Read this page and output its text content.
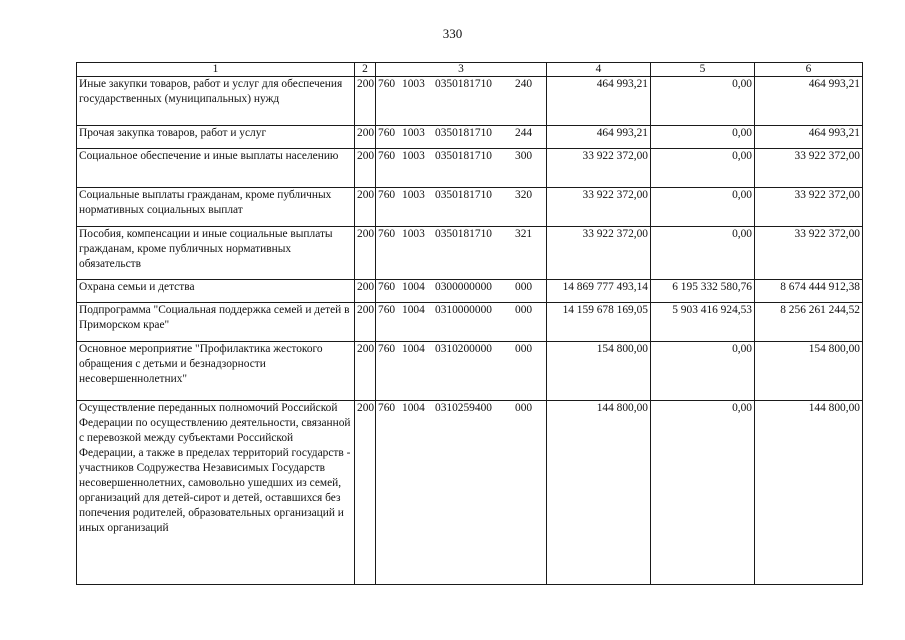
330
1	2	3	4	5	6
Иные закупки товаров, работ и услуг для обеспечения государственных (муниципальных) нужд	200	760 1003 0350181710 240	464 993,21	0,00	464 993,21
Прочая закупка товаров, работ и услуг	200	760 1003 0350181710 244	464 993,21	0,00	464 993,21
Социальное обеспечение и иные выплаты населению	200	760 1003 0350181710 300	33 922 372,00	0,00	33 922 372,00
Социальные выплаты гражданам, кроме публичных нормативных социальных выплат	200	760 1003 0350181710 320	33 922 372,00	0,00	33 922 372,00
Пособия, компенсации и иные социальные выплаты гражданам, кроме публичных нормативных обязательств	200	760 1003 0350181710 321	33 922 372,00	0,00	33 922 372,00
Охрана семьи и детства	200	760 1004 0300000000 000	14 869 777 493,14	6 195 332 580,76	8 674 444 912,38
Подпрограмма "Социальная поддержка семей и детей в Приморском крае"	200	760 1004 0310000000 000	14 159 678 169,05	5 903 416 924,53	8 256 261 244,52
Основное мероприятие "Профилактика жестокого обращения с детьми и безнадзорности несовершеннолетних"	200	760 1004 0310200000 000	154 800,00	0,00	154 800,00
Осуществление переданных полномочий Российской Федерации по осуществлению деятельности, связанной с перевозкой между субъектами Российской Федерации, а также в пределах территорий государств - участников Содружества Независимых Государств несовершеннолетних, самовольно ушедших из семей, организаций для детей-сирот и детей, оставшихся без попечения родителей, образовательных организаций и иных организаций	200	760 1004 0310259400 000	144 800,00	0,00	144 800,00
